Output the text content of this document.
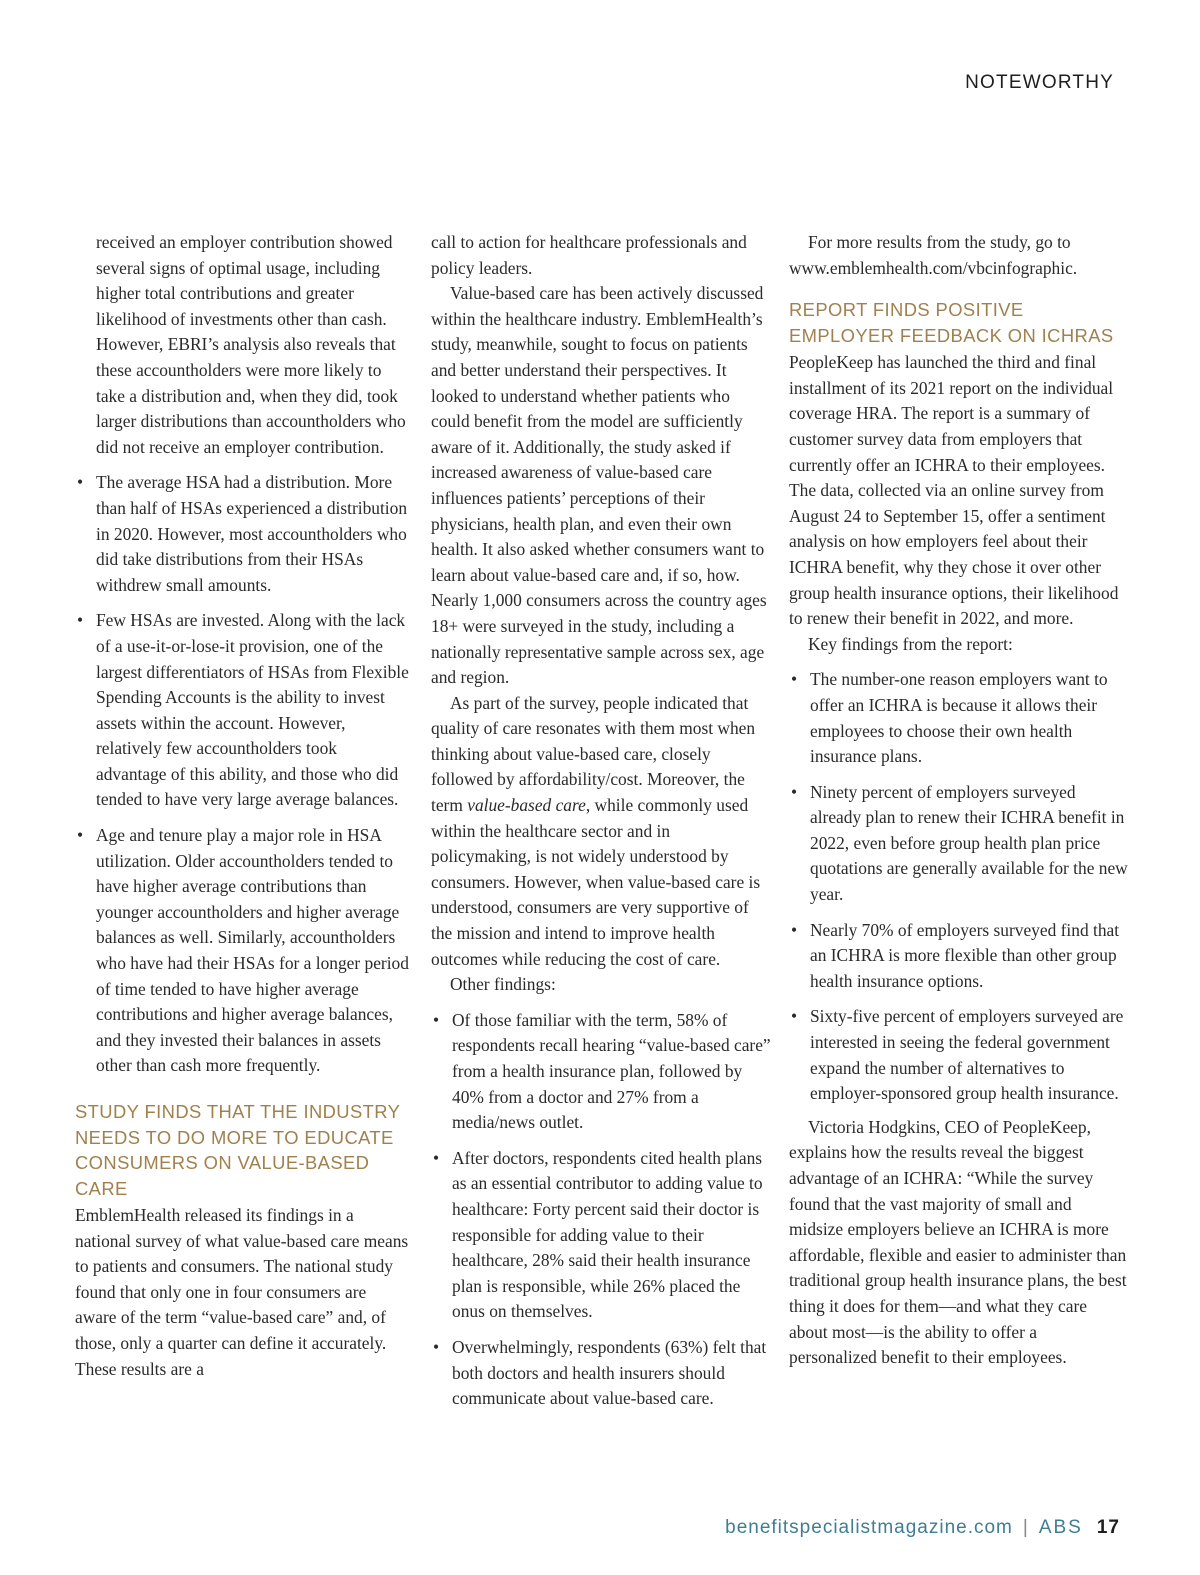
NOTEWORTHY

received an employer contribution showed several signs of optimal usage, including higher total contributions and greater likelihood of investments other than cash. However, EBRI’s analysis also reveals that these accountholders were more likely to take a distribution and, when they did, took larger distributions than accountholders who did not receive an employer contribution.

• The average HSA had a distribution. More than half of HSAs experienced a distribution in 2020. However, most accountholders who did take distributions from their HSAs withdrew small amounts.
• Few HSAs are invested. Along with the lack of a use-it-or-lose-it provision, one of the largest differentiators of HSAs from Flexible Spending Accounts is the ability to invest assets within the account. However, relatively few accountholders took advantage of this ability, and those who did tended to have very large average balances.
• Age and tenure play a major role in HSA utilization. Older accountholders tended to have higher average contributions than younger accountholders and higher average balances as well. Similarly, accountholders who have had their HSAs for a longer period of time tended to have higher average contributions and higher average balances, and they invested their balances in assets other than cash more frequently.
STUDY FINDS THAT THE INDUSTRY NEEDS TO DO MORE TO EDUCATE CONSUMERS ON VALUE-BASED CARE

EmblemHealth released its findings in a national survey of what value-based care means to patients and consumers. The national study found that only one in four consumers are aware of the term “value-based care” and, of those, only a quarter can define it accurately. These results are a

call to action for healthcare professionals and policy leaders.

Value-based care has been actively discussed within the healthcare industry. EmblemHealth’s study, meanwhile, sought to focus on patients and better understand their perspectives. It looked to understand whether patients who could benefit from the model are sufficiently aware of it. Additionally, the study asked if increased awareness of value-based care influences patients’ perceptions of their physicians, health plan, and even their own health. It also asked whether consumers want to learn about value-based care and, if so, how. Nearly 1,000 consumers across the country ages 18+ were surveyed in the study, including a nationally representative sample across sex, age and region.

As part of the survey, people indicated that quality of care resonates with them most when thinking about value-based care, closely followed by affordability/cost. Moreover, the term value-based care, while commonly used within the healthcare sector and in policymaking, is not widely understood by consumers. However, when value-based care is understood, consumers are very supportive of the mission and intend to improve health outcomes while reducing the cost of care.

Other findings:

• Of those familiar with the term, 58% of respondents recall hearing “value-based care” from a health insurance plan, followed by 40% from a doctor and 27% from a media/news outlet.
• After doctors, respondents cited health plans as an essential contributor to adding value to healthcare: Forty percent said their doctor is responsible for adding value to their healthcare, 28% said their health insurance plan is responsible, while 26% placed the onus on themselves.
• Overwhelmingly, respondents (63%) felt that both doctors and health insurers should communicate about value-based care.

For more results from the study, go to www.emblemhealth.com/vbcinfographic.

REPORT FINDS POSITIVE EMPLOYER FEEDBACK ON ICHRAS

PeopleKeep has launched the third and final installment of its 2021 report on the individual coverage HRA. The report is a summary of customer survey data from employers that currently offer an ICHRA to their employees. The data, collected via an online survey from August 24 to September 15, offer a sentiment analysis on how employers feel about their ICHRA benefit, why they chose it over other group health insurance options, their likelihood to renew their benefit in 2022, and more.

Key findings from the report:

• The number-one reason employers want to offer an ICHRA is because it allows their employees to choose their own health insurance plans.
• Ninety percent of employers surveyed already plan to renew their ICHRA benefit in 2022, even before group health plan price quotations are generally available for the new year.
• Nearly 70% of employers surveyed find that an ICHRA is more flexible than other group health insurance options.
• Sixty-five percent of employers surveyed are interested in seeing the federal government expand the number of alternatives to employer-sponsored group health insurance.

Victoria Hodgkins, CEO of PeopleKeep, explains how the results reveal the biggest advantage of an ICHRA: “While the survey found that the vast majority of small and midsize employers believe an ICHRA is more affordable, flexible and easier to administer than traditional group health insurance plans, the best thing it does for them—and what they care about most—is the ability to offer a personalized benefit to their employees.

benefitspecialistmagazine.com | ABS 17
